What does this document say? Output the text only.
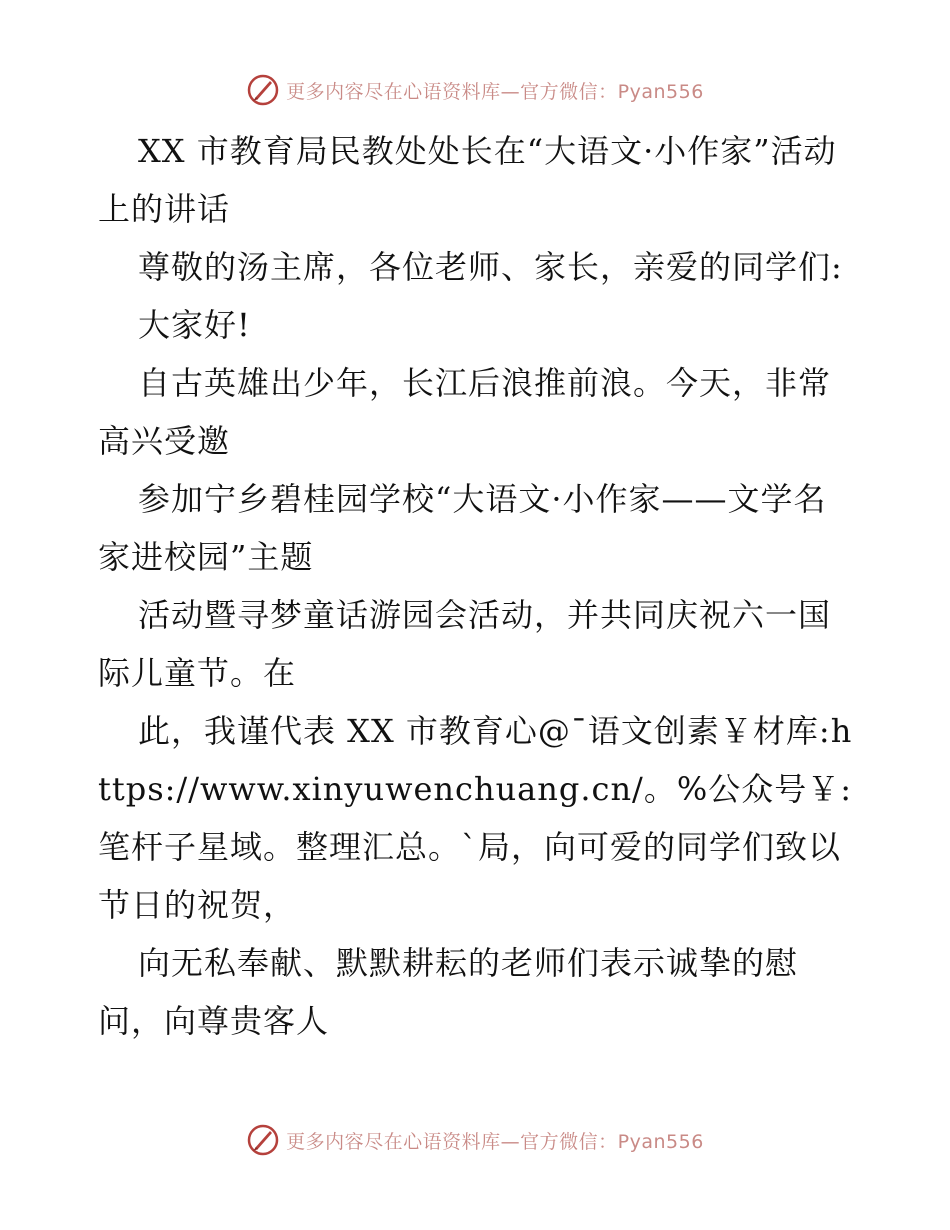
更多内容尽在心语资料库—官方微信：Pyan556

XX 市教育局民教处处长在“大语文·小作家”活动上的讲话

尊敬的汤主席，各位老师、家长，亲爱的同学们:

大家好!

自古英雄出少年，长江后浪推前浪。今天，非常高兴受邀

参加宁乡碧桂园学校“大语文·小作家——文学名家进校园”主题

活动暨寻梦童话游园会活动，并共同庆祝六一国际儿童节。在

此，我谨代表 XX 市教育心@¯语文创素￥材库:https://www.xinyuwenchuang.cn/。%公众号￥:笔杆子星域。整理汇总。`局，向可爱的同学们致以节日的祝贺，

向无私奉献、默默耕耘的老师们表示诚挚的慰问，向尊贵客人

更多内容尽在心语资料库—官方微信：Pyan556
